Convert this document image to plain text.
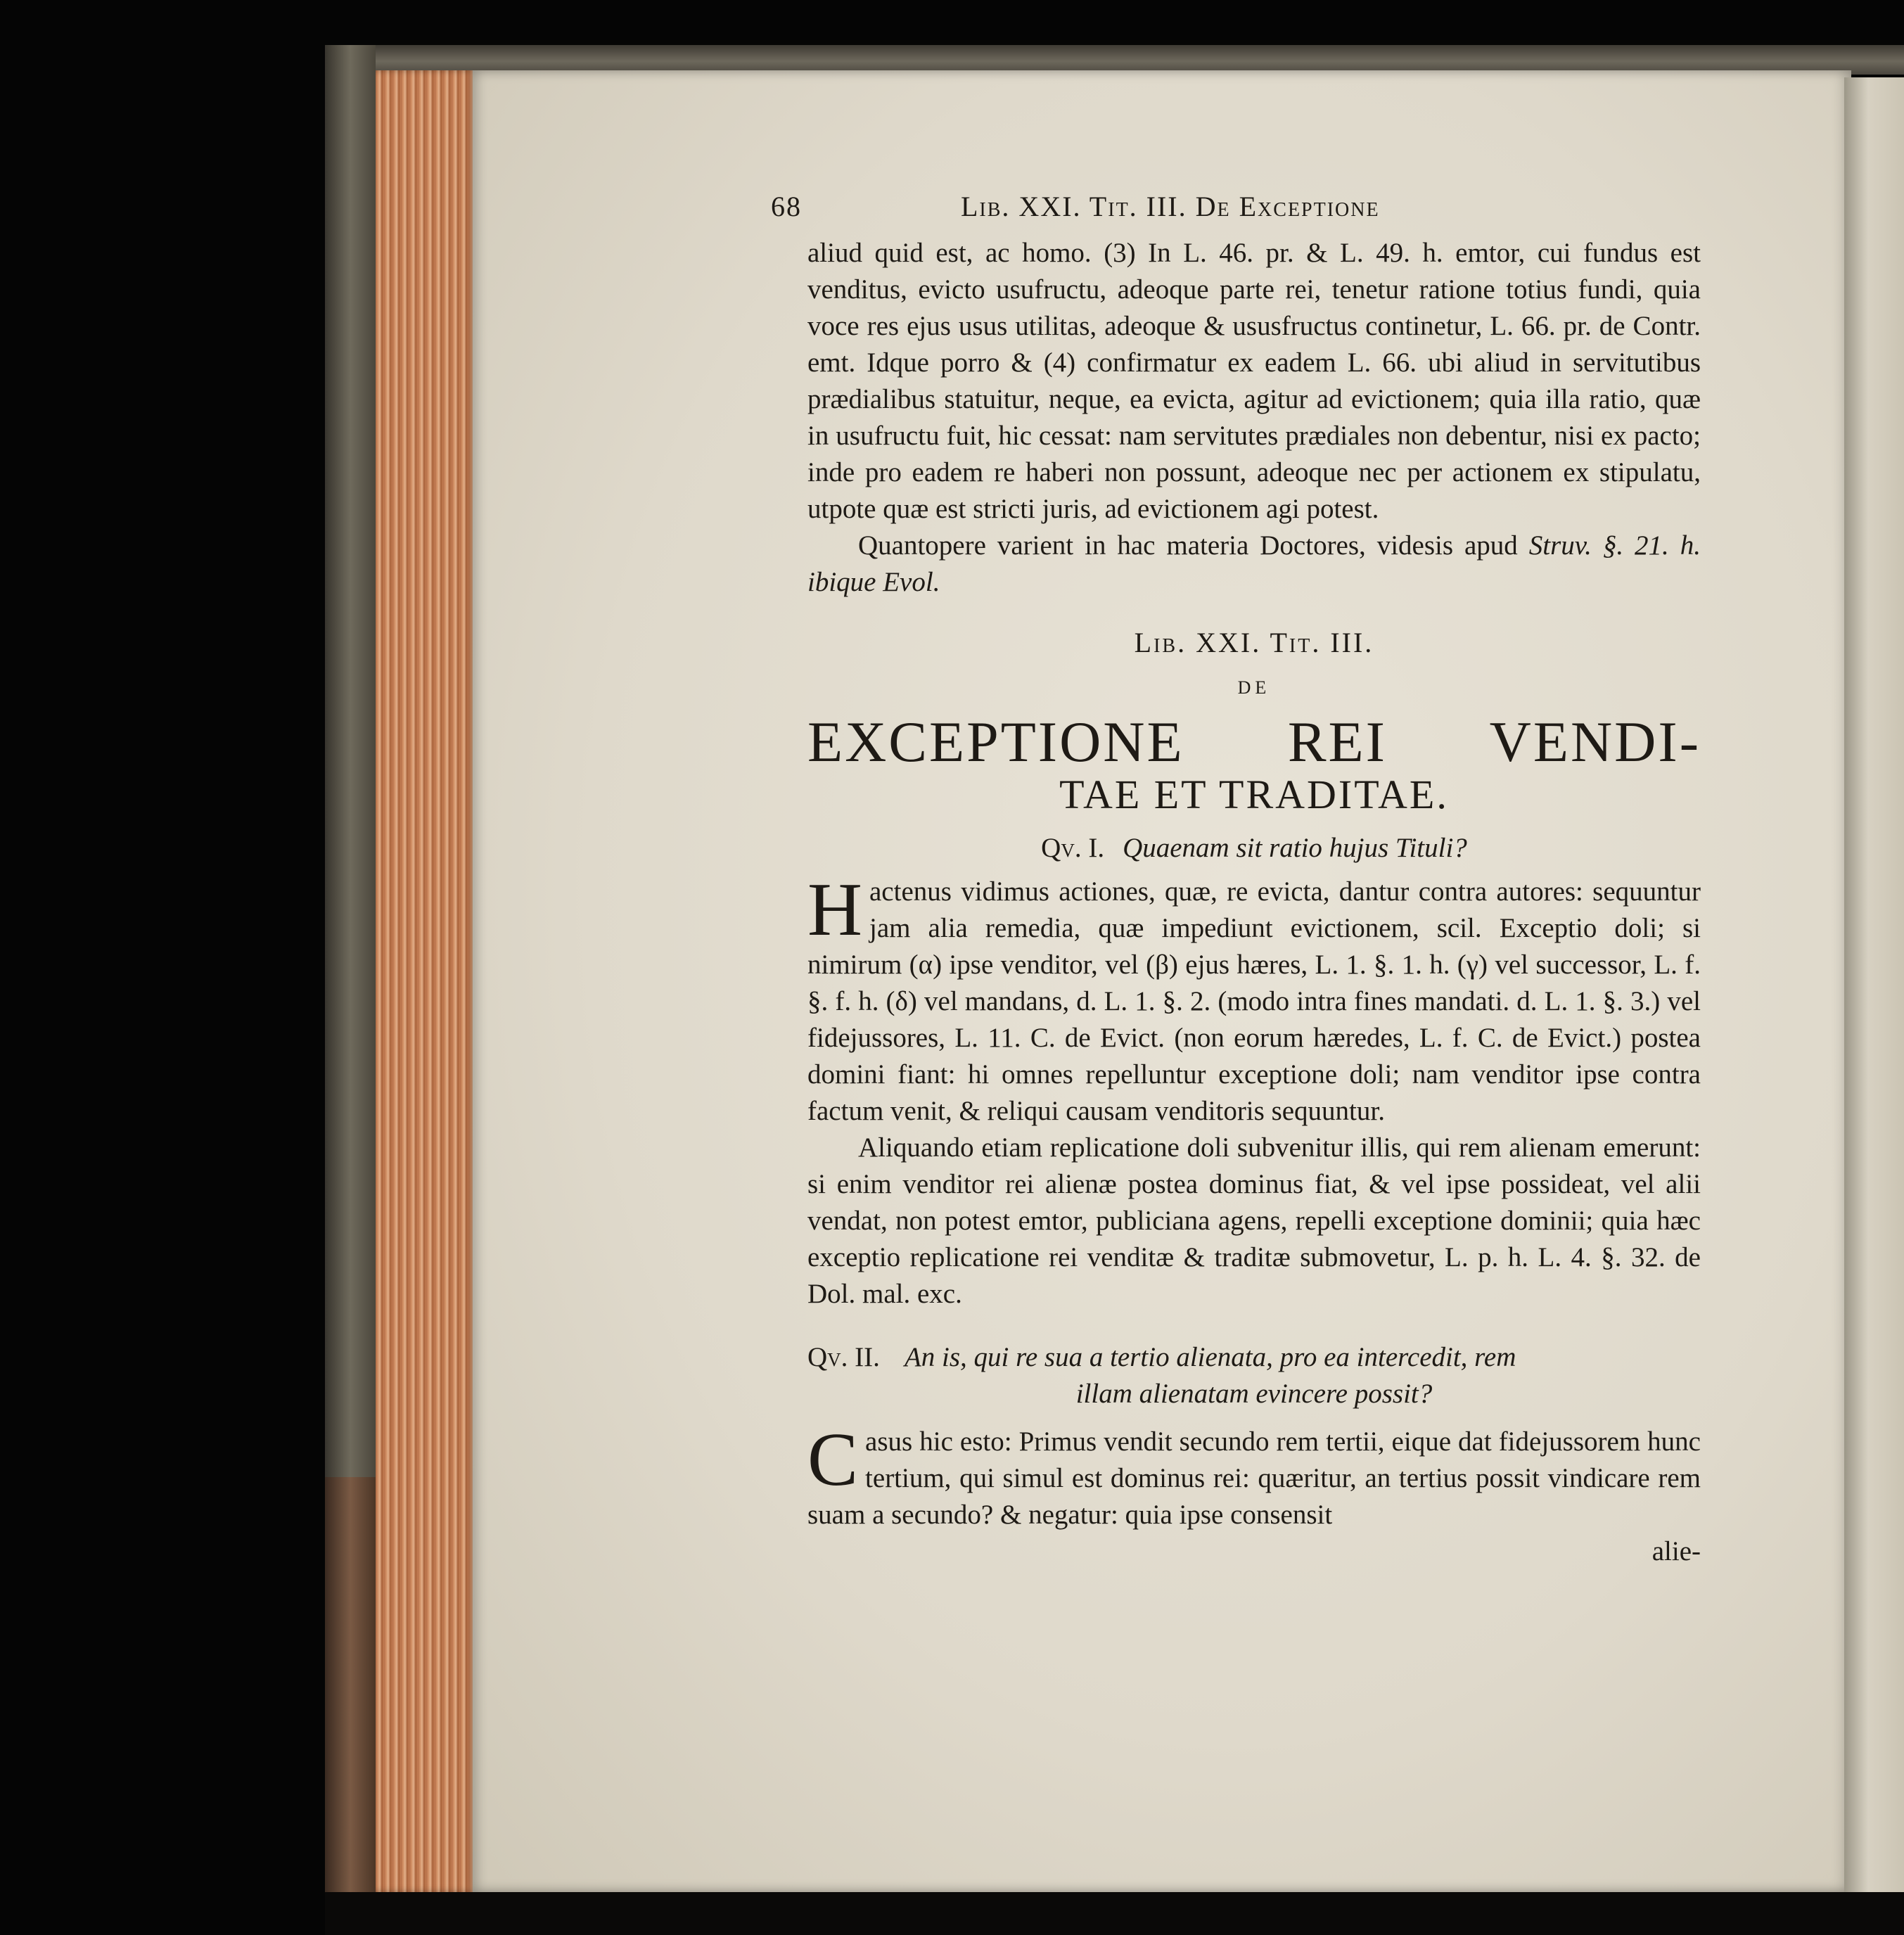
68	Lib. XXI. Tit. III. De Exceptione

aliud quid est, ac homo. (3) In L. 46. pr. & L. 49. h. emtor, cui fundus est venditus, evicto usufructu, adeoque parte rei, tenetur ratione totius fundi, quia voce res ejus usus utilitas, adeoque & ususfructus continetur, L. 66. pr. de Contr. emt. Idque porro & (4) confirmatur ex eadem L. 66. ubi aliud in servitutibus prædialibus statuitur, neque, ea evicta, agitur ad evictionem; quia illa ratio, quæ in usufructu fuit, hic cessat: nam servitutes prædiales non debentur, nisi ex pacto; inde pro eadem re haberi non possunt, adeoque nec per actionem ex stipulatu, utpote quæ est stricti juris, ad evictionem agi potest.

Quantopere varient in hac materia Doctores, videsis apud Struv. §. 21. h. ibique Evol.

Lib. XXI. Tit. III.
DE
EXCEPTIONE REI VENDI-
TAE ET TRADITAE.
Qv. I. Quaenam sit ratio hujus Tituli?

Hactenus vidimus actiones, quæ, re evicta, dantur contra autores: sequuntur jam alia remedia, quæ impediunt evictionem, scil. Exceptio doli; si nimirum (α) ipse venditor, vel (β) ejus hæres, L. 1. §. 1. h. (γ) vel successor, L. f. §. f. h. (δ) vel mandans, d. L. 1. §. 2. (modo intra fines mandati. d. L. 1. §. 3.) vel fidejussores, L. 11. C. de Evict. (non eorum hæredes, L. f. C. de Evict.) postea domini fiant: hi omnes repelluntur exceptione doli; nam venditor ipse contra factum venit, & reliqui causam venditoris sequuntur.

Aliquando etiam replicatione doli subvenitur illis, qui rem alienam emerunt: si enim venditor rei alienæ postea dominus fiat, & vel ipse possideat, vel alii vendat, non potest emtor, publiciana agens, repelli exceptione dominii; quia hæc exceptio replicatione rei venditæ & traditæ submovetur, L. p. h. L. 4. §. 32. de Dol. mal. exc.

Qv. II. An is, qui re sua a tertio alienata, pro ea intercedit, rem

illam alienatam evincere possit?

Casus hic esto: Primus vendit secundo rem tertii, eique dat fidejussorem hunc tertium, qui simul est dominus rei: quæritur, an tertius possit vindicare rem suam a secundo? & negatur: quia ipse consensit

alie-
